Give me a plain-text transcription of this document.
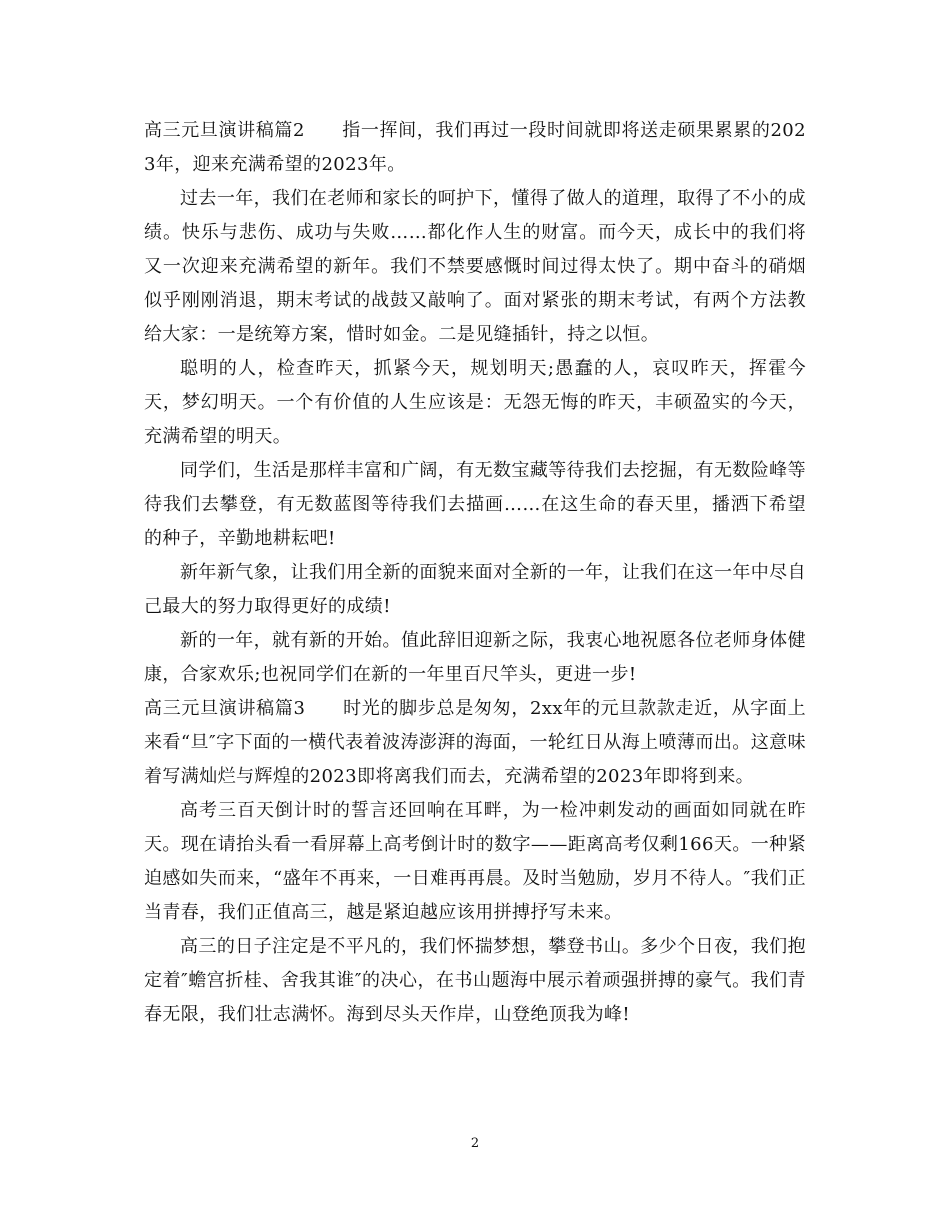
高三元旦演讲稿篇2　　指一挥间，我们再过一段时间就即将送走硕果累累的2023年，迎来充满希望的2023年。

过去一年，我们在老师和家长的呵护下，懂得了做人的道理，取得了不小的成绩。快乐与悲伤、成功与失败……都化作人生的财富。而今天，成长中的我们将又一次迎来充满希望的新年。我们不禁要感慨时间过得太快了。期中奋斗的硝烟似乎刚刚消退，期末考试的战鼓又敲响了。面对紧张的期末考试，有两个方法教给大家：一是统筹方案，惜时如金。二是见缝插针，持之以恒。

聪明的人，检查昨天，抓紧今天，规划明天;愚蠢的人，哀叹昨天，挥霍今天，梦幻明天。一个有价值的人生应该是：无怨无悔的昨天，丰硕盈实的今天，充满希望的明天。

同学们，生活是那样丰富和广阔，有无数宝藏等待我们去挖掘，有无数险峰等待我们去攀登，有无数蓝图等待我们去描画……在这生命的春天里，播洒下希望的种子，辛勤地耕耘吧!

新年新气象，让我们用全新的面貌来面对全新的一年，让我们在这一年中尽自己最大的努力取得更好的成绩!

新的一年，就有新的开始。值此辞旧迎新之际，我衷心地祝愿各位老师身体健康，合家欢乐;也祝同学们在新的一年里百尺竿头，更进一步!

高三元旦演讲稿篇3　　时光的脚步总是匆匆，2xx年的元旦款款走近，从字面上来看“旦″字下面的一横代表着波涛澎湃的海面，一轮红日从海上喷薄而出。这意味着写满灿烂与辉煌的2023即将离我们而去，充满希望的2023年即将到来。

高考三百天倒计时的誓言还回响在耳畔，为一检冲刺发动的画面如同就在昨天。现在请抬头看一看屏幕上高考倒计时的数字——距离高考仅剩166天。一种紧迫感如失而来，“盛年不再来，一日难再再晨。及时当勉励，岁月不待人。″我们正当青春，我们正值高三，越是紧迫越应该用拼搏抒写未来。

高三的日子注定是不平凡的，我们怀揣梦想，攀登书山。多少个日夜，我们抱定着″蟾宫折桂、舍我其谁″的决心，在书山题海中展示着顽强拼搏的豪气。我们青春无限，我们壮志满怀。海到尽头天作岸，山登绝顶我为峰!

2
